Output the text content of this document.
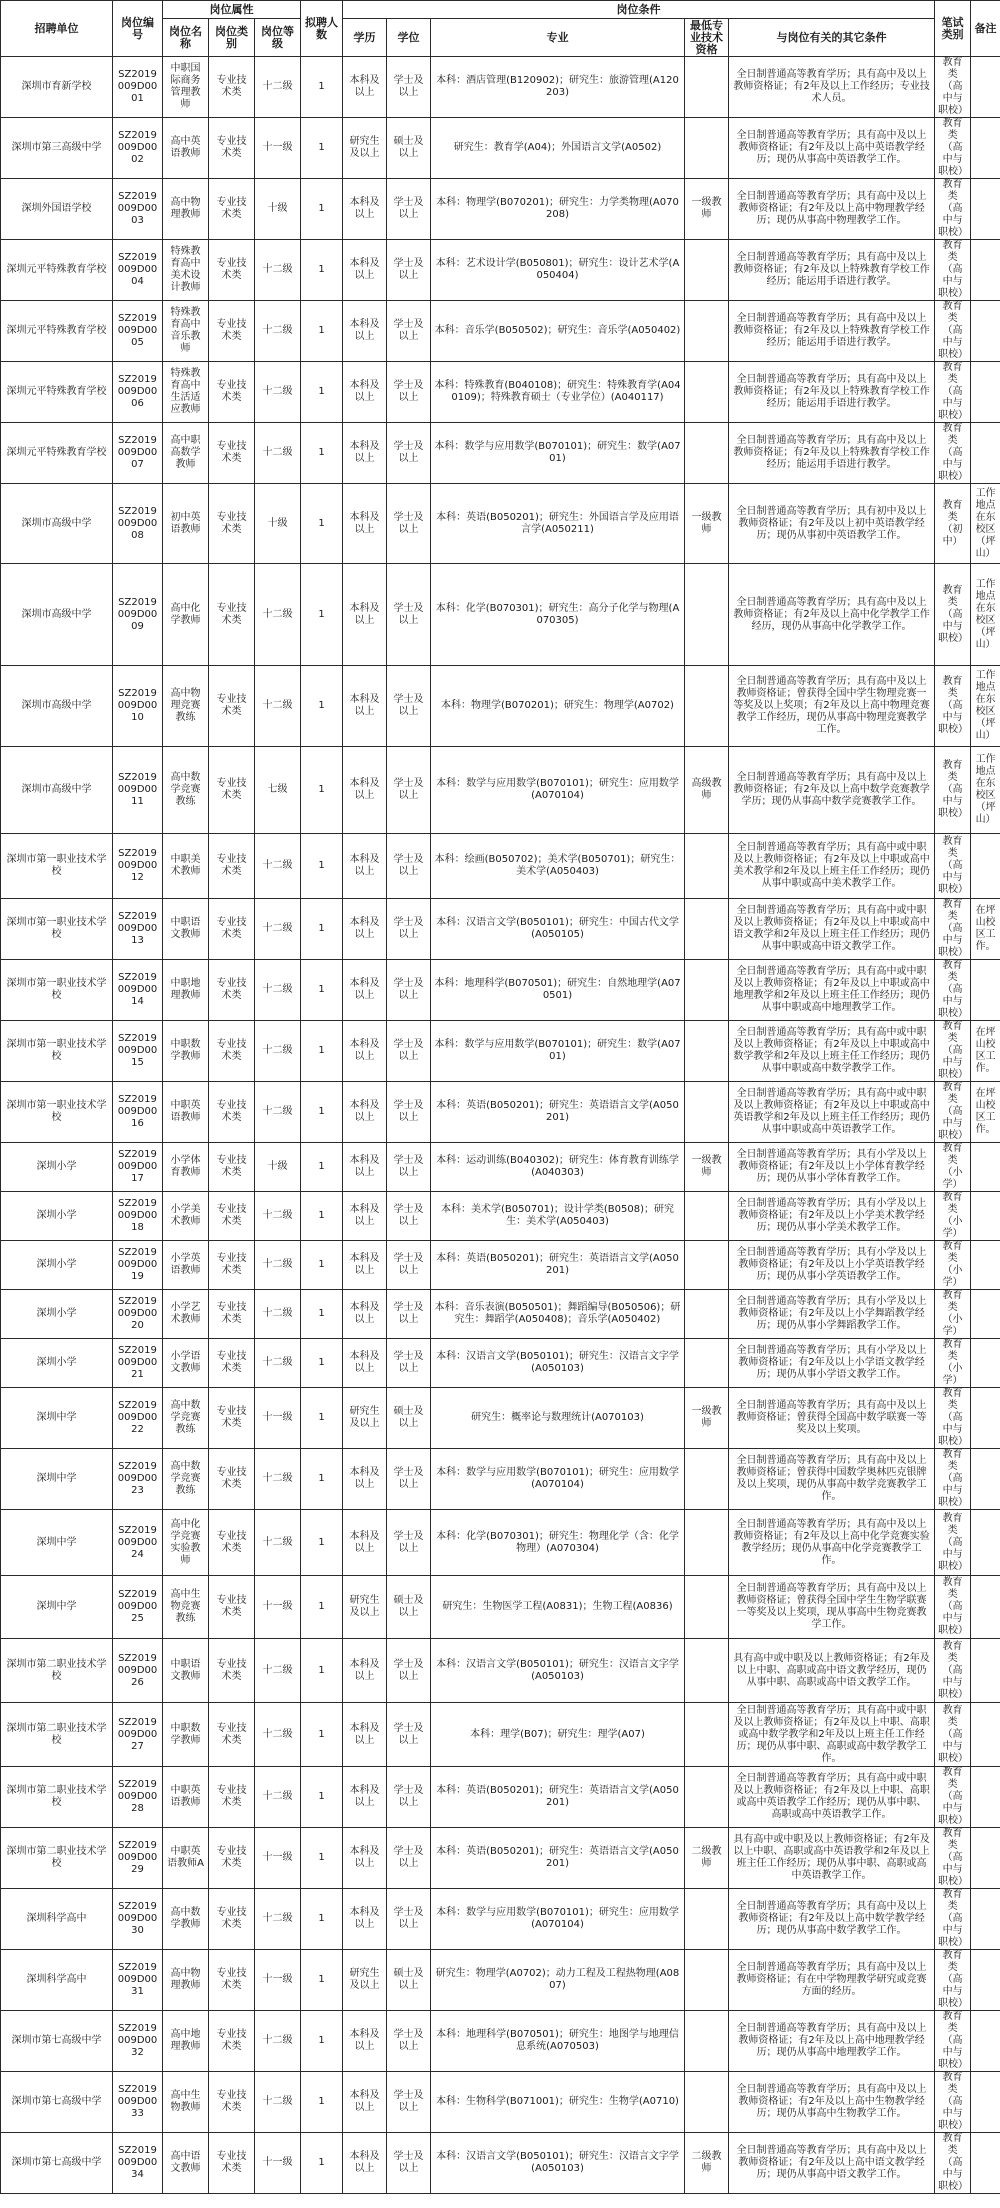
招聘单位	岗位编号	岗位属性			拟聘人数	岗位条件					笔试类别	备注
		岗位名称	岗位类别	岗位等级		学历	学位	专业	最低专业技术资格	与岗位有关的其它条件		
深圳市育新学校	SZ2019009D0001	中职国际商务管理教师	专业技术类	十二级	1	本科及以上	学士及以上	本科：酒店管理(B120902)；研究生：旅游管理(A120203)		全日制普通高等教育学历；具有高中及以上教师资格证；有2年及以上工作经历；专业技术人员。	教育类（高中与职校）	
深圳市第三高级中学	SZ2019009D0002	高中英语教师	专业技术类	十一级	1	研究生及以上	硕士及以上	研究生：教育学(A04)；外国语言文学(A0502)		全日制普通高等教育学历；具有高中及以上教师资格证；有2年及以上高中英语教学经历；现仍从事高中英语教学工作。	教育类（高中与职校）	
深圳外国语学校	SZ2019009D0003	高中物理教师	专业技术类	十级	1	本科及以上	学士及以上	本科：物理学(B070201)；研究生：力学类物理(A070208)	一级教师	全日制普通高等教育学历；具有高中及以上教师资格证；有2年及以上高中物理教学经历；现仍从事高中物理教学工作。	教育类（高中与职校）	
深圳元平特殊教育学校	SZ2019009D0004	特殊教育高中美术设计教师	专业技术类	十二级	1	本科及以上	学士及以上	本科：艺术设计学(B050801)；研究生：设计艺术学(A050404)		全日制普通高等教育学历；具有高中及以上教师资格证；有2年及以上特殊教育学校工作经历；能运用手语进行教学。	教育类（高中与职校）	
深圳元平特殊教育学校	SZ2019009D0005	特殊教育高中音乐教师	专业技术类	十二级	1	本科及以上	学士及以上	本科：音乐学(B050502)；研究生：音乐学(A050402)		全日制普通高等教育学历；具有高中及以上教师资格证；有2年及以上特殊教育学校工作经历；能运用手语进行教学。	教育类（高中与职校）	
深圳元平特殊教育学校	SZ2019009D0006	特殊教育高中生活适应教师	专业技术类	十二级	1	本科及以上	学士及以上	本科：特殊教育(B040108)；研究生：特殊教育学(A040109)；特殊教育硕士（专业学位）(A040117)		全日制普通高等教育学历；具有高中及以上教师资格证；有2年及以上特殊教育学校工作经历；能运用手语进行教学。	教育类（高中与职校）	
深圳元平特殊教育学校	SZ2019009D0007	高中职高数学教师	专业技术类	十二级	1	本科及以上	学士及以上	本科：数学与应用数学(B070101)；研究生：数学(A0701)		全日制普通高等教育学历；具有高中及以上教师资格证；有2年及以上特殊教育学校工作经历；能运用手语进行教学。	教育类（高中与职校）	
深圳市高级中学	SZ2019009D0008	初中英语教师	专业技术类	十级	1	本科及以上	学士及以上	本科：英语(B050201)；研究生：外国语言学及应用语言学(A050211)	一级教师	全日制普通高等教育学历；具有初中及以上教师资格证；有2年及以上初中英语教学经历；现仍从事初中英语教学工作。	教育类（初中）	工作地点在东校区（坪山）
深圳市高级中学	SZ2019009D0009	高中化学教师	专业技术类	十二级	1	本科及以上	学士及以上	本科：化学(B070301)；研究生：高分子化学与物理(A070305)		全日制普通高等教育学历；具有高中及以上教师资格证；有2年及以上高中化学教学工作经历，现仍从事高中化学教学工作。	教育类（高中与职校）	工作地点在东校区（坪山）
深圳市高级中学	SZ2019009D0010	高中物理竞赛教练	专业技术类	十二级	1	本科及以上	学士及以上	本科：物理学(B070201)；研究生：物理学(A0702)		全日制普通高等教育学历；具有高中及以上教师资格证；曾获得全国中学生物理竞赛一等奖及以上奖项；有2年及以上高中物理竞赛教学工作经历，现仍从事高中物理竞赛教学工作。	教育类（高中与职校）	工作地点在东校区（坪山）
深圳市高级中学	SZ2019009D0011	高中数学竞赛教练	专业技术类	七级	1	本科及以上	学士及以上	本科：数学与应用数学(B070101)；研究生：应用数学(A070104)	高级教师	全日制普通高等教育学历；具有高中及以上教师资格证；有2年及以上高中数学竞赛教学学历；现仍从事高中数学竞赛教学工作。	教育类（高中与职校）	工作地点在东校区（坪山）
深圳市第一职业技术学校	SZ2019009D0012	中职美术教师	专业技术类	十二级	1	本科及以上	学士及以上	本科：绘画(B050702)；美术学(B050701)；研究生：美术学(A050403)		全日制普通高等教育学历；具有高中或中职及以上教师资格证；有2年及以上中职或高中美术教学和2年及以上班主任工作经历；现仍从事中职或高中美术教学工作。	教育类（高中与职校）	
深圳市第一职业技术学校	SZ2019009D0013	中职语文教师	专业技术类	十二级	1	本科及以上	学士及以上	本科：汉语言文学(B050101)；研究生：中国古代文学(A050105)		全日制普通高等教育学历；具有高中或中职及以上教师资格证；有2年及以上中职或高中语文教学和2年及以上班主任工作经历；现仍从事中职或高中语文教学工作。	教育类（高中与职校）	在坪山校区工作。
深圳市第一职业技术学校	SZ2019009D0014	中职地理教师	专业技术类	十二级	1	本科及以上	学士及以上	本科：地理科学(B070501)；研究生：自然地理学(A070501)		全日制普通高等教育学历；具有高中或中职及以上教师资格证；有2年及以上中职或高中地理教学和2年及以上班主任工作经历；现仍从事中职或高中地理教学工作。	教育类（高中与职校）	
深圳市第一职业技术学校	SZ2019009D0015	中职数学教师	专业技术类	十二级	1	本科及以上	学士及以上	本科：数学与应用数学(B070101)；研究生：数学(A0701)		全日制普通高等教育学历；具有高中或中职及以上教师资格证；有2年及以上中职或高中数学教学和2年及以上班主任工作经历；现仍从事中职或高中数学教学工作。	教育类（高中与职校）	在坪山校区工作。
深圳市第一职业技术学校	SZ2019009D0016	中职英语教师	专业技术类	十二级	1	本科及以上	学士及以上	本科：英语(B050201)；研究生：英语语言文学(A050201)		全日制普通高等教育学历；具有高中或中职及以上教师资格证；有2年及以上中职或高中英语教学和2年及以上班主任工作经历；现仍从事中职或高中英语教学工作。	教育类（高中与职校）	在坪山校区工作。
深圳小学	SZ2019009D0017	小学体育教师	专业技术类	十级	1	本科及以上	学士及以上	本科：运动训练(B040302)；研究生：体育教育训练学(A040303)	一级教师	全日制普通高等教育学历；具有小学及以上教师资格证；有2年及以上小学体育教学经历；现仍从事小学体育教学工作。	教育类（小学）	
深圳小学	SZ2019009D0018	小学美术教师	专业技术类	十二级	1	本科及以上	学士及以上	本科：美术学(B050701)；设计学类(B0508)；研究生：美术学(A050403)		全日制普通高等教育学历；具有小学及以上教师资格证；有2年及以上小学美术教学经历；现仍从事小学美术教学工作。	教育类（小学）	
深圳小学	SZ2019009D0019	小学英语教师	专业技术类	十二级	1	本科及以上	学士及以上	本科：英语(B050201)；研究生：英语语言文学(A050201)		全日制普通高等教育学历；具有小学及以上教师资格证；有2年及以上小学英语教学经历；现仍从事小学英语教学工作。	教育类（小学）	
深圳小学	SZ2019009D0020	小学艺术教师	专业技术类	十二级	1	本科及以上	学士及以上	本科：音乐表演(B050501)；舞蹈编导(B050506)；研究生：舞蹈学(A050408)；音乐学(A050402)		全日制普通高等教育学历；具有小学及以上教师资格证；有2年及以上小学舞蹈教学经历；现仍从事小学舞蹈教学工作。	教育类（小学）	
深圳小学	SZ2019009D0021	小学语文教师	专业技术类	十二级	1	本科及以上	学士及以上	本科：汉语言文学(B050101)；研究生：汉语言文字学(A050103)		全日制普通高等教育学历；具有小学及以上教师资格证；有2年及以上小学语文教学经历；现仍从事小学语文教学工作。	教育类（小学）	
深圳中学	SZ2019009D0022	高中数学竞赛教练	专业技术类	十一级	1	研究生及以上	硕士及以上	研究生：概率论与数理统计(A070103)	一级教师	全日制普通高等教育学历；具有高中及以上教师资格证；曾获得全国高中数学联赛一等奖及以上奖项。	教育类（高中与职校）	
深圳中学	SZ2019009D0023	高中数学竞赛教练	专业技术类	十二级	1	本科及以上	学士及以上	本科：数学与应用数学(B070101)；研究生：应用数学(A070104)		全日制普通高等教育学历；具有高中及以上教师资格证；曾获得中国数学奥林匹克银牌及以上奖项，现仍从事高中数学竞赛教学工作。	教育类（高中与职校）	
深圳中学	SZ2019009D0024	高中化学竞赛实验教师	专业技术类	十二级	1	本科及以上	学士及以上	本科：化学(B070301)；研究生：物理化学（含：化学物理）(A070304)		全日制普通高等教育学历；具有高中及以上教师资格证；有2年及以上高中化学竞赛实验教学经历；现仍从事高中化学竞赛教学工作。	教育类（高中与职校）	
深圳中学	SZ2019009D0025	高中生物竞赛教练	专业技术类	十一级	1	研究生及以上	硕士及以上	研究生：生物医学工程(A0831)；生物工程(A0836)		全日制普通高等教育学历；具有高中及以上教师资格证；曾获得全国中学生生物学联赛一等奖及以上奖项，现从事高中生物竞赛教学工作。	教育类（高中与职校）	
深圳市第二职业技术学校	SZ2019009D0026	中职语文教师	专业技术类	十二级	1	本科及以上	学士及以上	本科：汉语言文学(B050101)；研究生：汉语言文字学(A050103)		具有高中或中职及以上教师资格证；有2年及以上中职、高职或高中语文教学经历，现仍从事中职、高职或高中语文教学工作。	教育类（高中与职校）	
深圳市第二职业技术学校	SZ2019009D0027	中职数学教师	专业技术类	十二级	1	本科及以上	学士及以上	本科：理学(B07)；研究生：理学(A07)		全日制普通高等教育学历；具有高中或中职及以上教师资格证；有2年及以上中职、高职或高中数学教学和2年及以上班主任工作经历；现仍从事中职、高职或高中数学教学工作。	教育类（高中与职校）	
深圳市第二职业技术学校	SZ2019009D0028	中职英语教师	专业技术类	十二级	1	本科及以上	学士及以上	本科：英语(B050201)；研究生：英语语言文学(A050201)		全日制普通高等教育学历；具有高中或中职及以上教师资格证；有2年及以上中职、高职或高中英语教学工作经历；现仍从事中职、高职或高中英语教学工作。	教育类（高中与职校）	
深圳市第二职业技术学校	SZ2019009D0029	中职英语教师A	专业技术类	十一级	1	本科及以上	学士及以上	本科：英语(B050201)；研究生：英语语言文学(A050201)	二级教师	具有高中或中职及以上教师资格证；有2年及以上中职、高职或高中英语教学和2年及以上班主任工作经历；现仍从事中职、高职或高中英语教学工作。	教育类（高中与职校）	
深圳科学高中	SZ2019009D0030	高中数学教师	专业技术类	十二级	1	本科及以上	学士及以上	本科：数学与应用数学(B070101)；研究生：应用数学(A070104)		全日制普通高等教育学历；具有高中及以上教师资格证；有2年及以上高中数学教学经历；现仍从事高中数学教学工作。	教育类（高中与职校）	
深圳科学高中	SZ2019009D0031	高中物理教师	专业技术类	十一级	1	研究生及以上	硕士及以上	研究生：物理学(A0702)；动力工程及工程热物理(A0807)		全日制普通高等教育学历；具有高中及以上教师资格证；有在中学物理教学研究或竞赛方面的经历。	教育类（高中与职校）	
深圳市第七高级中学	SZ2019009D0032	高中地理教师	专业技术类	十二级	1	本科及以上	学士及以上	本科：地理科学(B070501)；研究生：地图学与地理信息系统(A070503)		全日制普通高等教育学历；具有高中及以上教师资格证；有2年及以上高中地理教学经历；现仍从事高中地理教学工作。	教育类（高中与职校）	
深圳市第七高级中学	SZ2019009D0033	高中生物教师	专业技术类	十二级	1	本科及以上	学士及以上	本科：生物科学(B071001)；研究生：生物学(A0710)		全日制普通高等教育学历；具有高中及以上教师资格证；有2年及以上高中生物教学经历；现仍从事高中生物教学工作。	教育类（高中与职校）	
深圳市第七高级中学	SZ2019009D0034	高中语文教师	专业技术类	十一级	1	本科及以上	学士及以上	本科：汉语言文学(B050101)；研究生：汉语言文字学(A050103)	二级教师	全日制普通高等教育学历；具有高中及以上教师资格证；有2年及以上高中语文教学经历；现仍从事高中语文教学工作。	教育类（高中与职校）	
